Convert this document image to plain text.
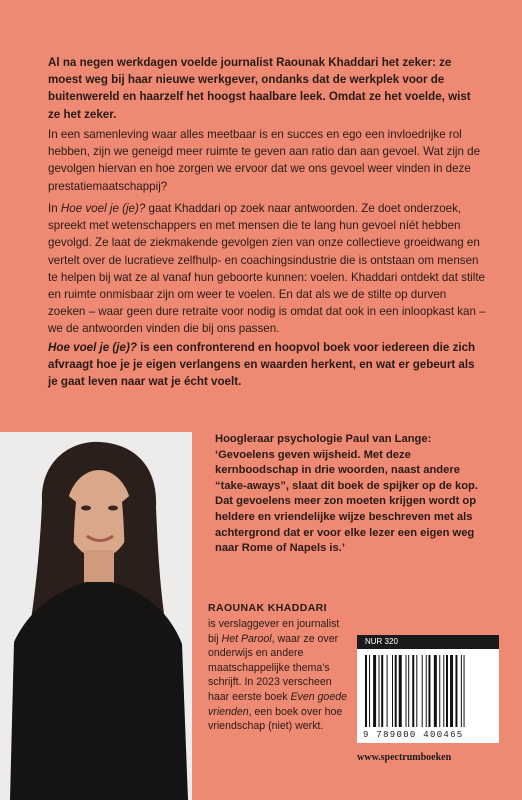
Al na negen werkdagen voelde journalist Raounak Khaddari het zeker: ze moest weg bij haar nieuwe werkgever, ondanks dat de werkplek voor de buitenwereld en haarzelf het hoogst haalbare leek. Omdat ze het voelde, wist ze het zeker.

In een samenleving waar alles meetbaar is en succes en ego een invloedrijke rol hebben, zijn we geneigd meer ruimte te geven aan ratio dan aan gevoel. Wat zijn de gevolgen hiervan en hoe zorgen we ervoor dat we ons gevoel weer vinden in deze prestatiemaatschappij?

In Hoe voel je (je)? gaat Khaddari op zoek naar antwoorden. Ze doet onderzoek, spreekt met wetenschappers en met mensen die te lang hun gevoel níét hebben gevolgd. Ze laat de ziekmakende gevolgen zien van onze collectieve groeidwang en vertelt over de lucratieve zelfhulp- en coachingsindustrie die is ontstaan om mensen te helpen bij wat ze al vanaf hun geboorte kunnen: voelen. Khaddari ontdekt dat stilte en ruimte onmisbaar zijn om weer te voelen. En dat als we de stilte op durven zoeken – waar geen dure retraite voor nodig is omdat dat ook in een inloopkast kan – we de antwoorden vinden die bij ons passen.

Hoe voel je (je)? is een confronterend en hoopvol boek voor iedereen die zich afvraagt hoe je je eigen verlangens en waarden herkent, en wat er gebeurt als je gaat leven naar wat je écht voelt.

Hoogleraar psychologie Paul van Lange:
‘Gevoelens geven wijsheid. Met deze kernboodschap in drie woorden, naast andere “take-aways”, slaat dit boek de spijker op de kop. Dat gevoelens meer zon moeten krijgen wordt op heldere en vriendelijke wijze beschreven met als achtergrond dat er voor elke lezer een eigen weg naar Rome of Napels is.’

RAOUNAK KHADDARI

is verslaggever en journalist bij Het Parool, waar ze over onderwijs en andere maatschappelijke thema’s schrijft. In 2023 verscheen haar eerste boek Even goede vrienden, een boek over hoe vriendschap (niet) werkt.

NUR 320
9 789000 400465
www.spectrumboeken
